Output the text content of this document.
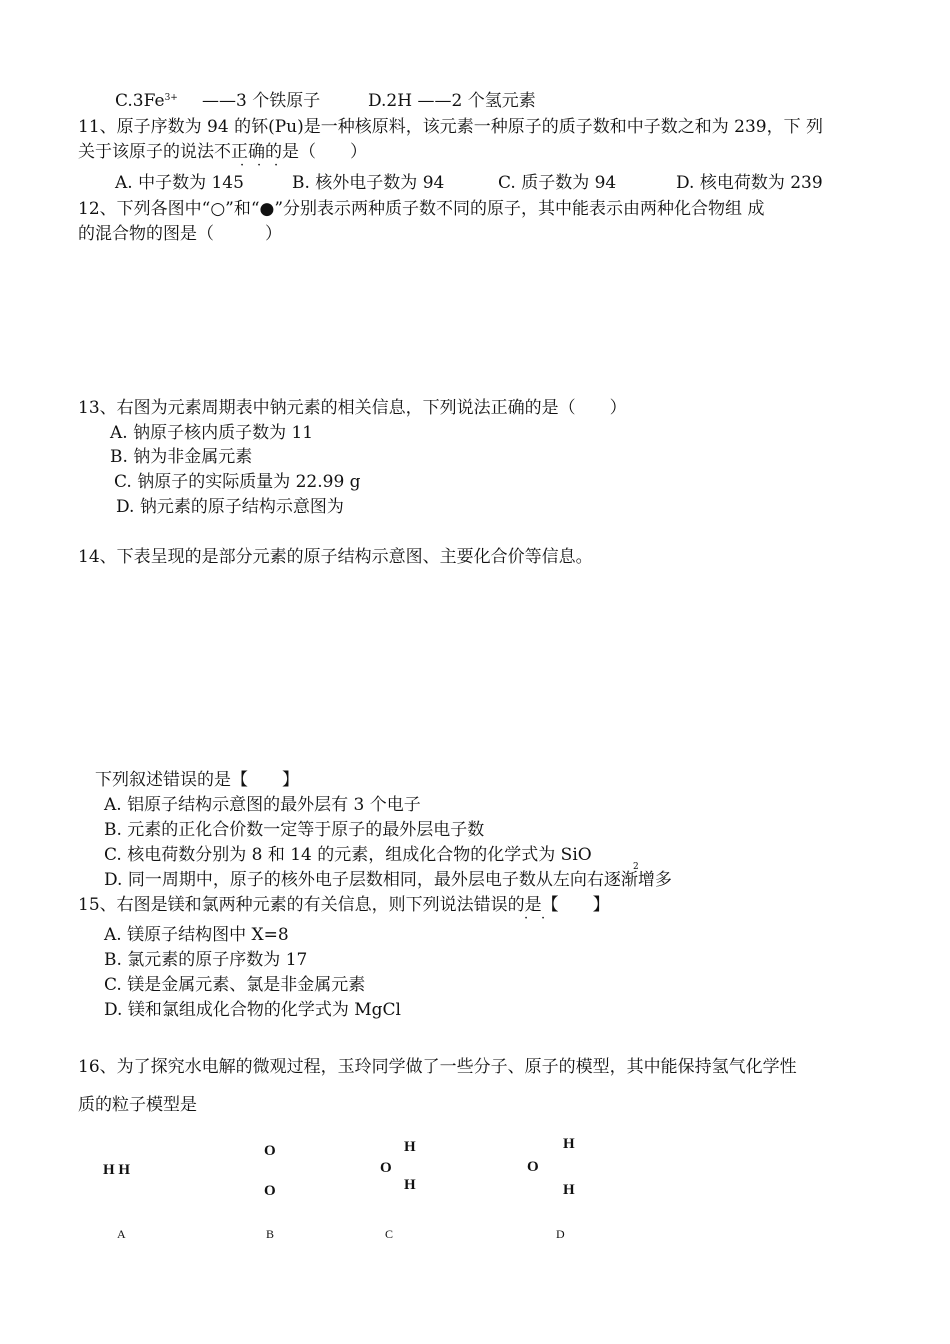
$C.3Fe^{3+}$ ——3 个铁原子	D.2H ——2 个氢元素
11、原子序数为 94 的钚(Pu)是一种核原料，该元素一种原子的质子数和中子数之和为 239，下 列
关于该原子的说法不正确的是（　　）
· · ·
A. 中子数为 145	B. 核外电子数为 94	C. 质子数为 94	D. 核电荷数为 239
12、下列各图中“○”和“●”分别表示两种质子数不同的原子，其中能表示由两种化合物组 成
的混合物的图是（　　　）
13、右图为元素周期表中钠元素的相关信息，下列说法正确的是（　　）
A. 钠原子核内质子数为 11
B. 钠为非金属元素
C. 钠原子的实际质量为 22.99 g
D. 钠元素的原子结构示意图为
14、下表呈现的是部分元素的原子结构示意图、主要化合价等信息。
下列叙述错误的是【　　】
A. 铝原子结构示意图的最外层有 3 个电子
B. 元素的正化合价数一定等于原子的最外层电子数
C. 核电荷数分别为 8 和 14 的元素，组成化合物的化学式为 SiO
2
D. 同一周期中，原子的核外电子层数相同，最外层电子数从左向右逐渐增多
15、右图是镁和氯两种元素的有关信息，则下列说法错误的是【　　】
· ·
A. 镁原子结构图中 X=8
B. 氯元素的原子序数为 17
C. 镁是金属元素、氯是非金属元素
D. 镁和氯组成化合物的化学式为 MgCl
16、为了探究水电解的微观过程，玉玲同学做了一些分子、原子的模型，其中能保持氢气化学性
质的粒子模型是
H H
O
O
O
H
H
O
H
H
A	B	C	D
